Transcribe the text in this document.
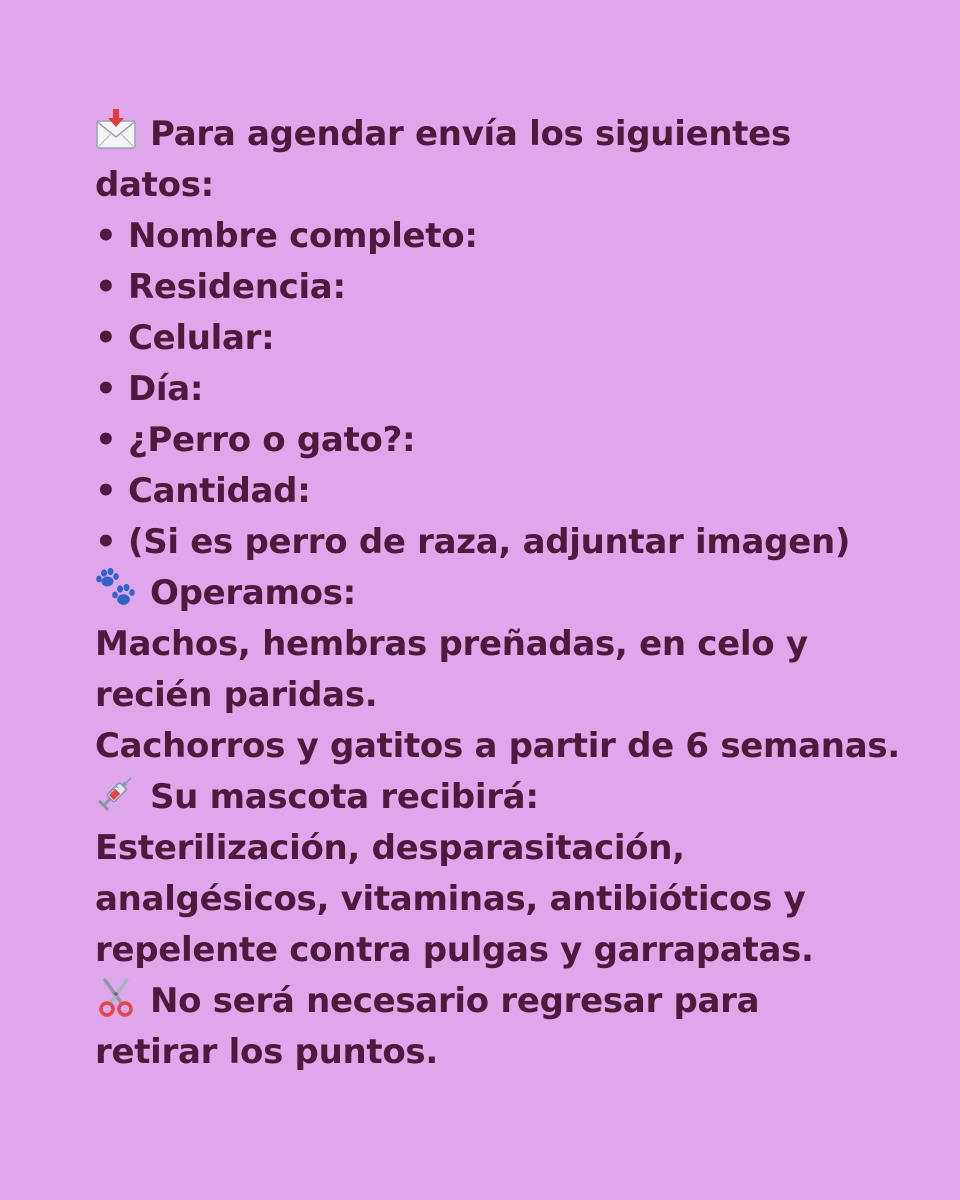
Para agendar envía los siguientes
datos:
• Nombre completo:
• Residencia:
• Celular:
• Día:
• ¿Perro o gato?:
• Cantidad:
• (Si es perro de raza, adjuntar imagen)
Operamos:
Machos, hembras preñadas, en celo y
recién paridas.
Cachorros y gatitos a partir de 6 semanas.
Su mascota recibirá:
Esterilización, desparasitación,
analgésicos, vitaminas, antibióticos y
repelente contra pulgas y garrapatas.
No será necesario regresar para
retirar los puntos.
